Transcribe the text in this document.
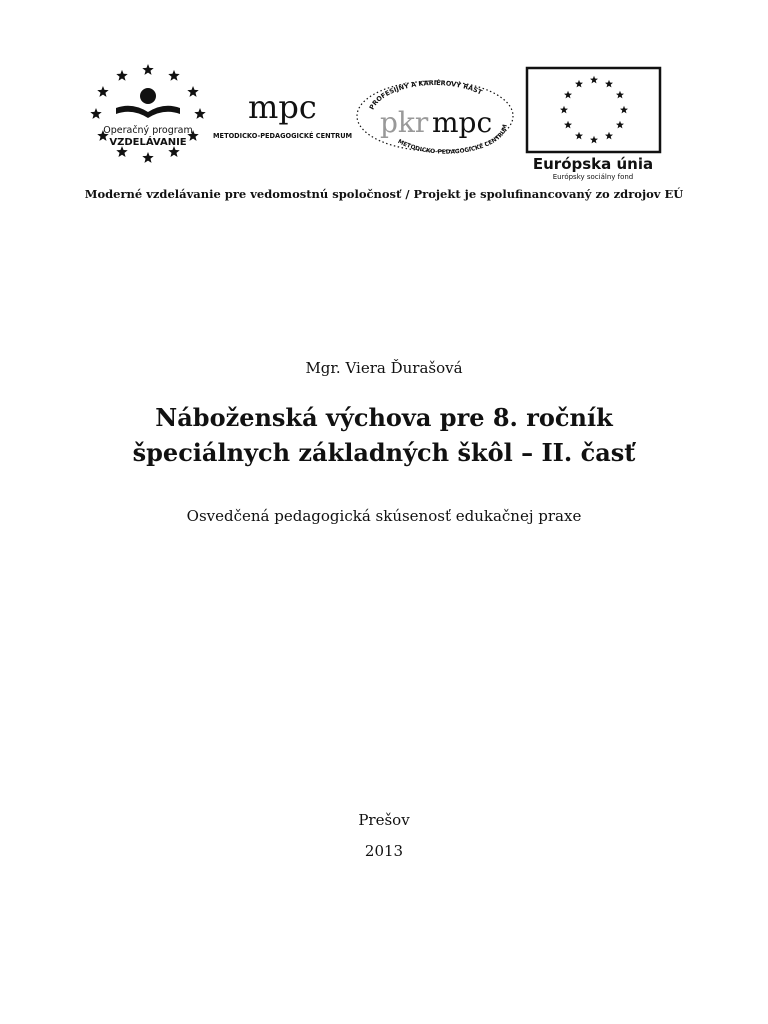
Operačný program
VZDELÁVANIE
mpc
METODICKO-PEDAGOGICKÉ CENTRUM
PROFESIJNÝ A KARIÉROVÝ RAST
pkr mpc
METODICKO-PEDAGOGICKÉ CENTRUM
Európska únia
Európsky sociálny fond
Moderné vzdelávanie pre vedomostnú spoločnosť / Projekt je spolufinancovaný zo zdrojov EÚ
Mgr. Viera Ďurašová
Náboženská výchova pre 8. ročník
špeciálnych základných škôl – II. časť
Osvedčená pedagogická skúsenosť edukačnej praxe
Prešov
2013
